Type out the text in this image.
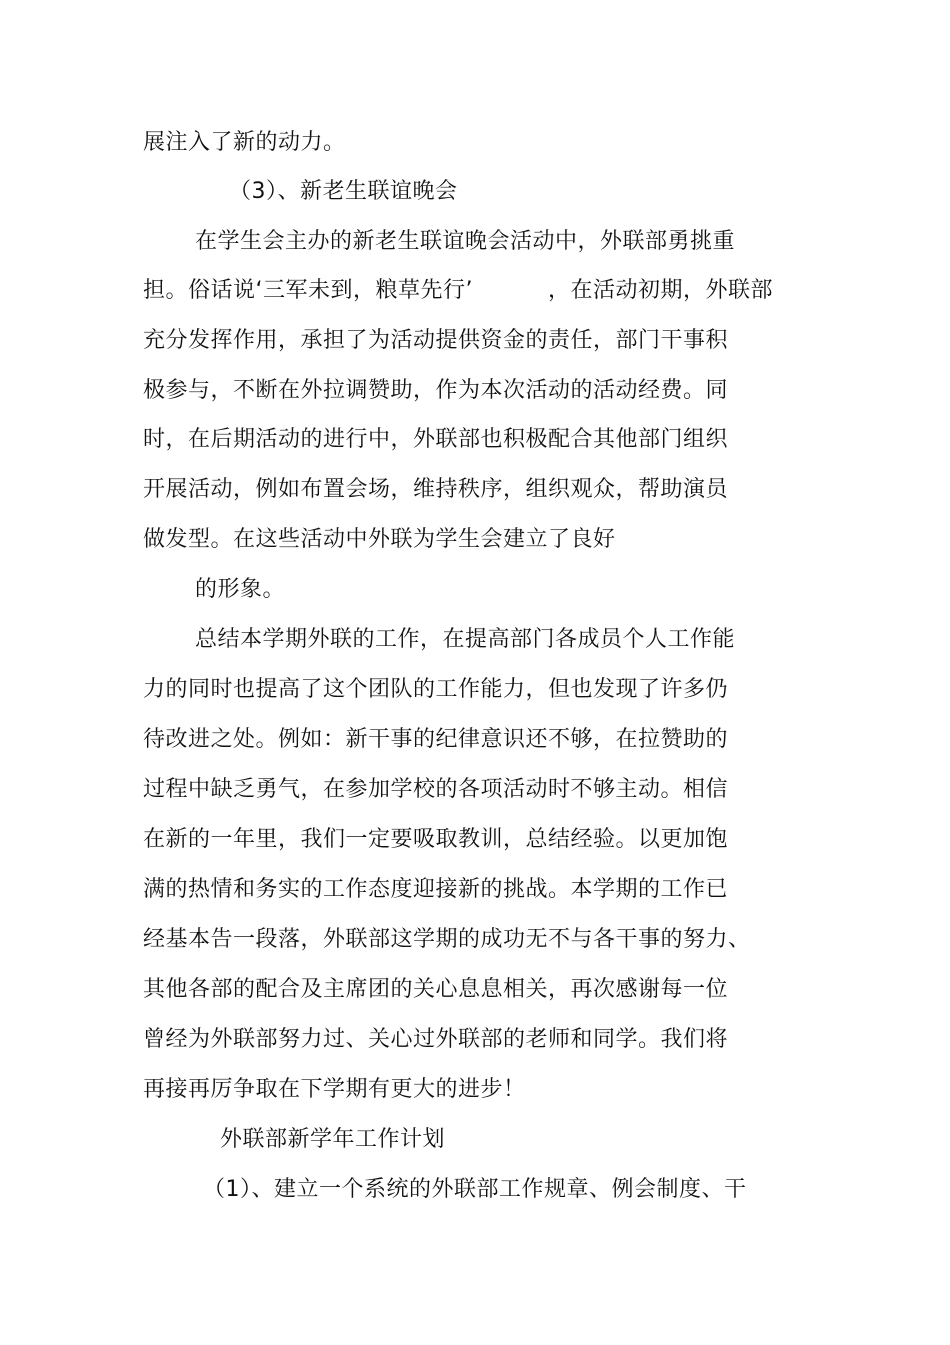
展注入了新的动力。
（3）、新老生联谊晚会
在学生会主办的新老生联谊晚会活动中，外联部勇挑重
担。俗话说‘三军未到，粮草先行’	，在活动初期，外联部
充分发挥作用，承担了为活动提供资金的责任，部门干事积
极参与，不断在外拉调赞助，作为本次活动的活动经费。同
时，在后期活动的进行中，外联部也积极配合其他部门组织
开展活动，例如布置会场，维持秩序，组织观众，帮助演员
做发型。在这些活动中外联为学生会建立了良好
的形象。
总结本学期外联的工作，在提高部门各成员个人工作能
力的同时也提高了这个团队的工作能力，但也发现了许多仍
待改进之处。例如：新干事的纪律意识还不够，在拉赞助的
过程中缺乏勇气，在参加学校的各项活动时不够主动。相信
在新的一年里，我们一定要吸取教训，总结经验。以更加饱
满的热情和务实的工作态度迎接新的挑战。本学期的工作已
经基本告一段落，外联部这学期的成功无不与各干事的努力、
其他各部的配合及主席团的关心息息相关，再次感谢每一位
曾经为外联部努力过、关心过外联部的老师和同学。我们将
再接再厉争取在下学期有更大的进步！
外联部新学年工作计划
（1）、建立一个系统的外联部工作规章、例会制度、干
